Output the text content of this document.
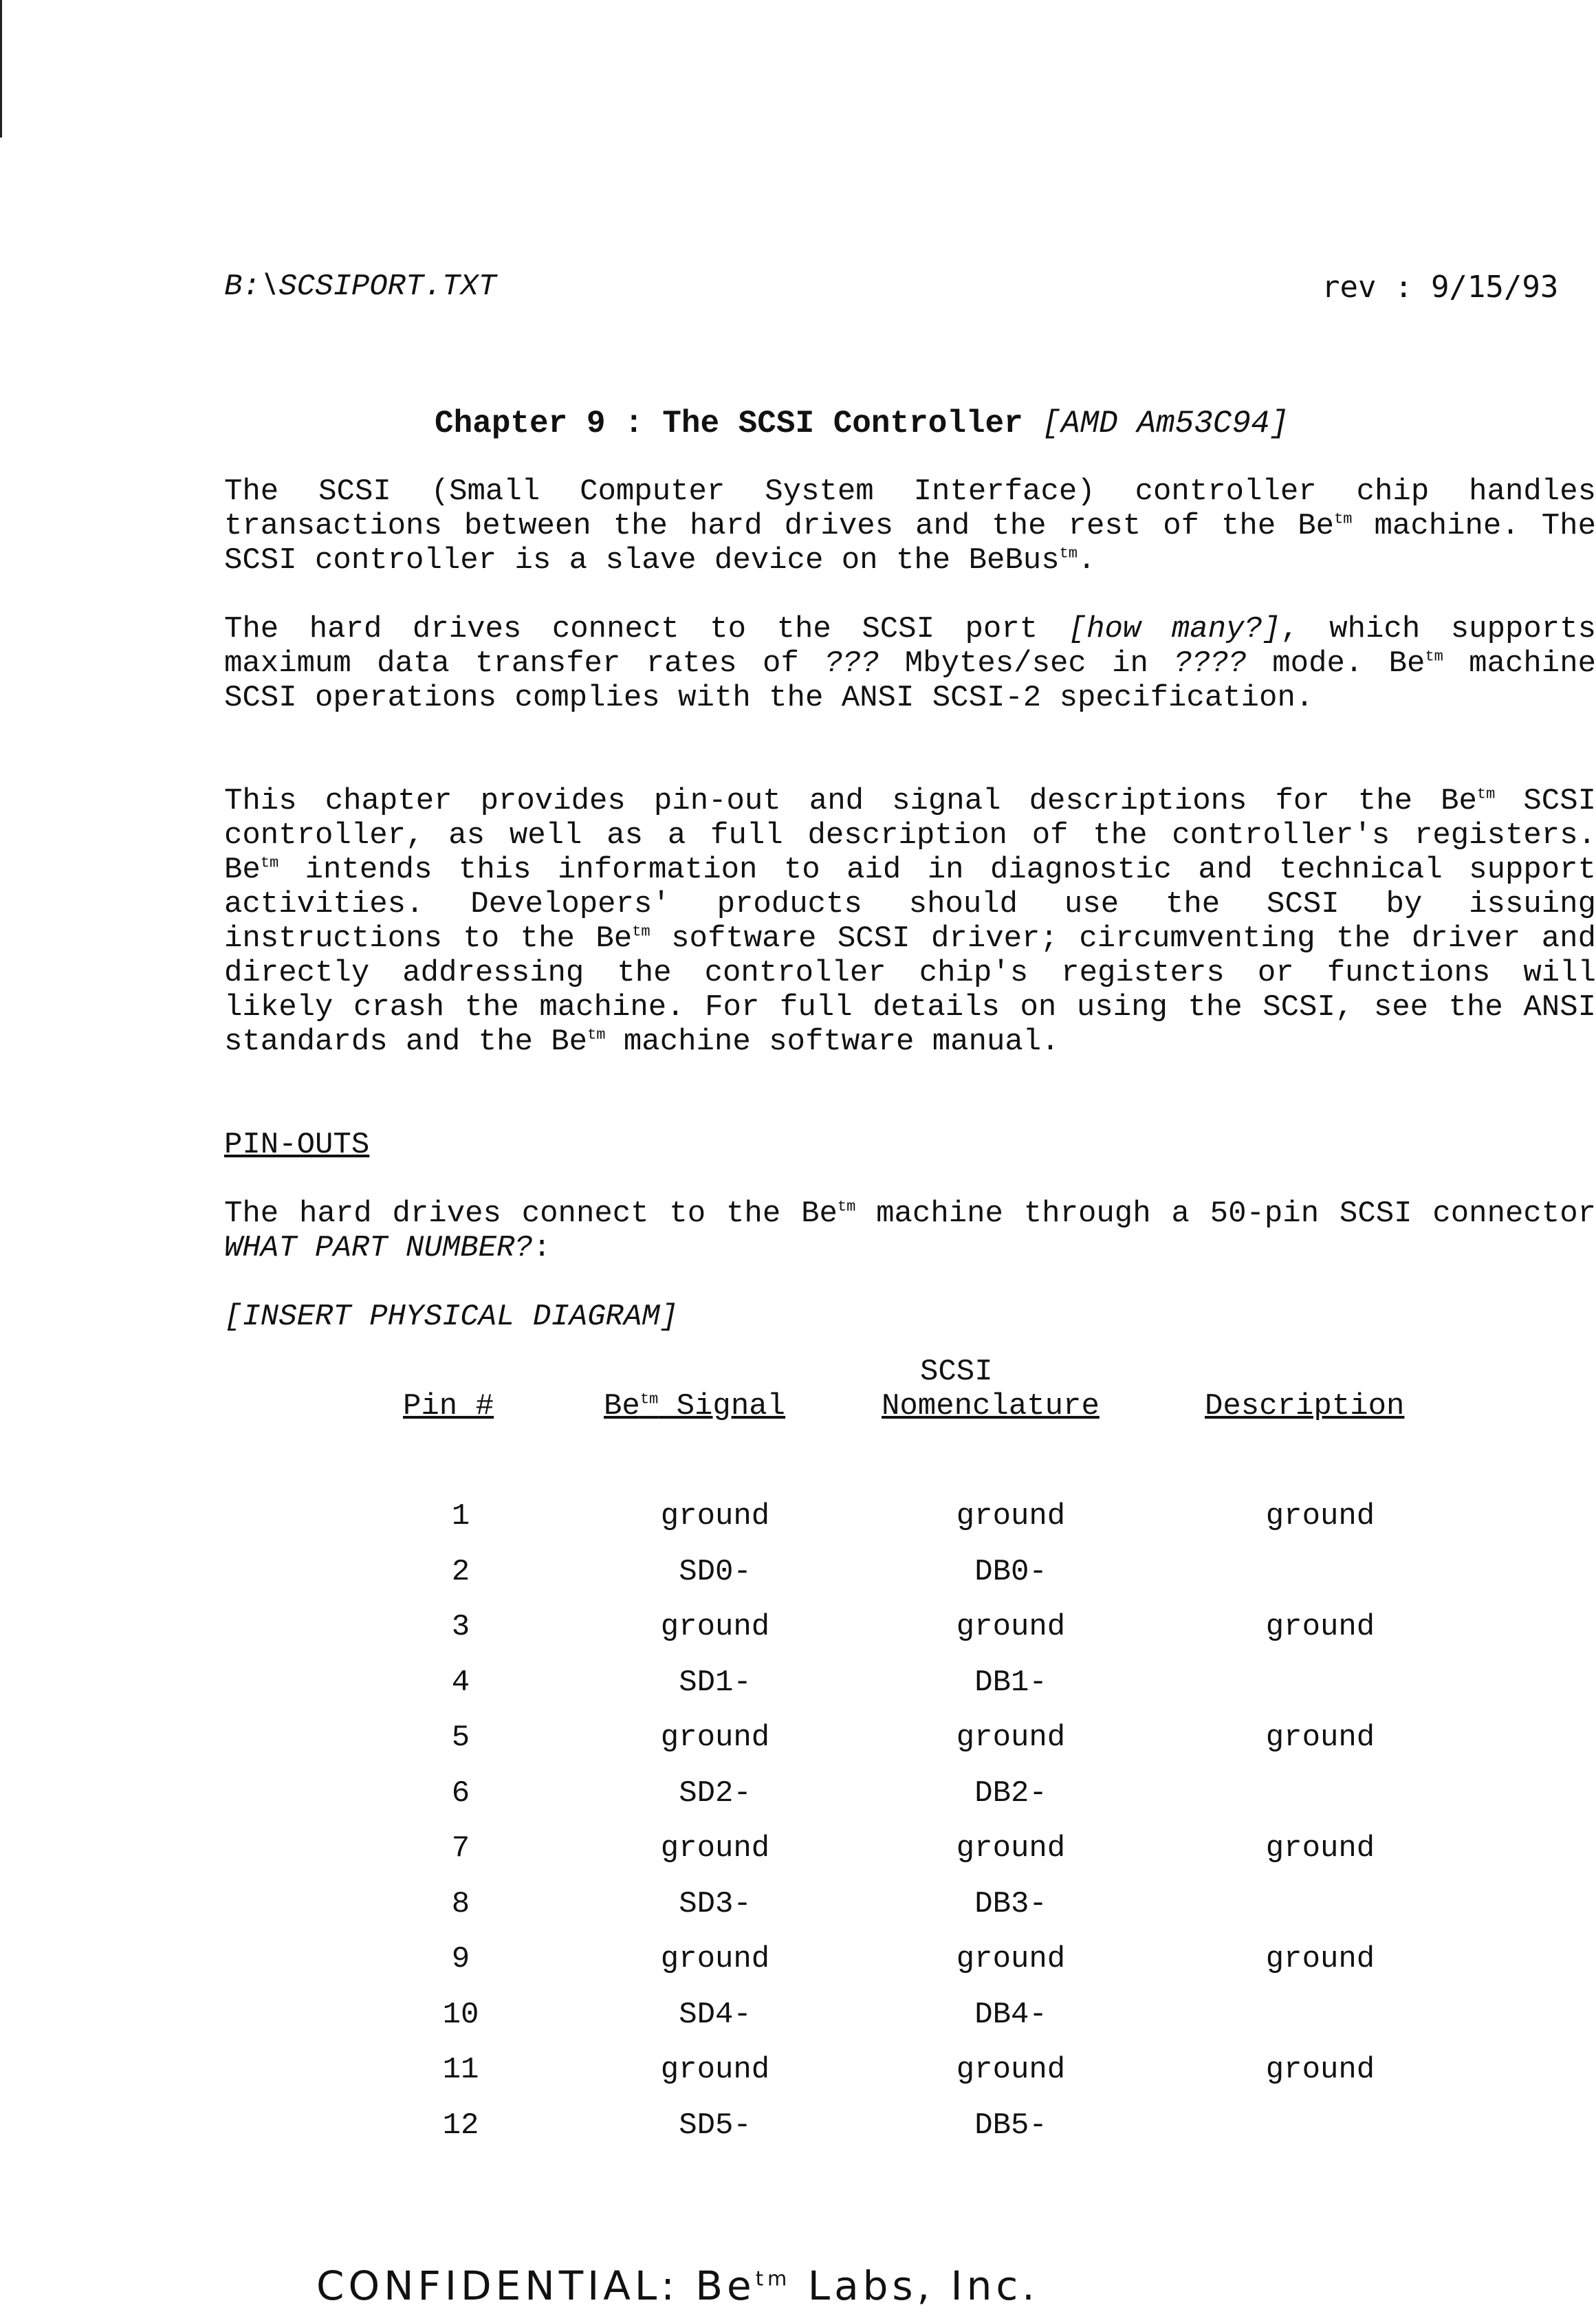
B:\SCSIPORT.TXT	rev : 9/15/93
Chapter 9 : The SCSI Controller [AMD Am53C94]
The SCSI (Small Computer System Interface) controller chip handles transactions between the hard drives and the rest of the $Be^{tm}$ machine. The SCSI controller is a slave device on the BeBus$^{tm}$.
The hard drives connect to the SCSI port [how many?], which supports maximum data transfer rates of ??? Mbytes/sec in ???? mode. $Be^{tm}$ machine SCSI operations complies with the ANSI SCSI-2 specification.
This chapter provides pin-out and signal descriptions for the $Be^{tm}$ SCSI controller, as well as a full description of the controller's registers. $Be^{tm}$ intends this information to aid in diagnostic and technical support activities. Developers' products should use the SCSI by issuing instructions to the $Be^{tm}$ software SCSI driver; circumventing the driver and directly addressing the controller chip's registers or functions will likely crash the machine. For full details on using the SCSI, see the ANSI standards and the $Be^{tm}$ machine software manual.
PIN-OUTS
The hard drives connect to the $Be^{tm}$ machine through a 50-pin SCSI connector WHAT PART NUMBER?:
[INSERT PHYSICAL DIAGRAM]
SCSI
Pin #	$Be^{tm}$ Signal	Nomenclature	Description
1	ground	ground	ground
2	SD0-	DB0-
3	ground	ground	ground
4	SD1-	DB1-
5	ground	ground	ground
6	SD2-	DB2-
7	ground	ground	ground
8	SD3-	DB3-
9	ground	ground	ground
10	SD4-	DB4-
11	ground	ground	ground
12	SD5-	DB5-
CONFIDENTIAL: $Be^{tm}$ Labs, Inc.
